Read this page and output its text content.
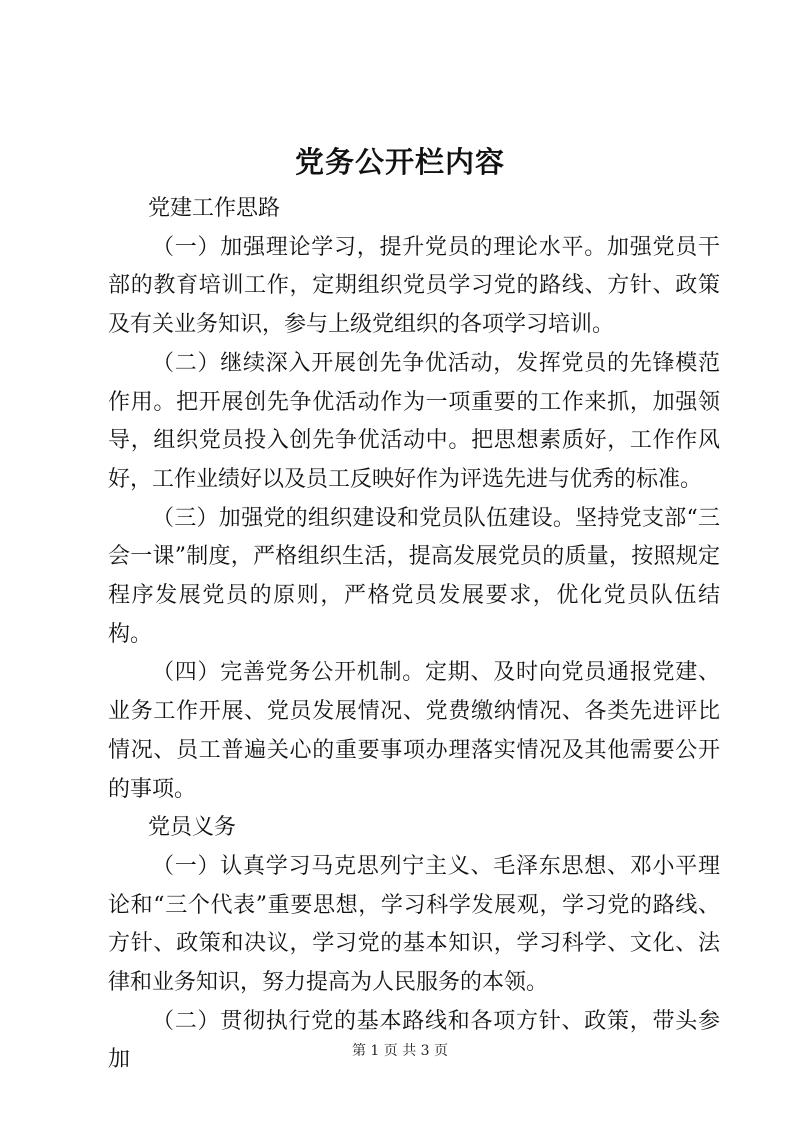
党务公开栏内容

党建工作思路

（一）加强理论学习，提升党员的理论水平。加强党员干部的教育培训工作，定期组织党员学习党的路线、方针、政策及有关业务知识，参与上级党组织的各项学习培训。

（二）继续深入开展创先争优活动，发挥党员的先锋模范作用。把开展创先争优活动作为一项重要的工作来抓，加强领导，组织党员投入创先争优活动中。把思想素质好，工作作风好，工作业绩好以及员工反映好作为评选先进与优秀的标准。

（三）加强党的组织建设和党员队伍建设。坚持党支部“三会一课”制度，严格组织生活，提高发展党员的质量，按照规定程序发展党员的原则，严格党员发展要求，优化党员队伍结构。

（四）完善党务公开机制。定期、及时向党员通报党建、业务工作开展、党员发展情况、党费缴纳情况、各类先进评比情况、员工普遍关心的重要事项办理落实情况及其他需要公开的事项。

党员义务

（一）认真学习马克思列宁主义、毛泽东思想、邓小平理论和“三个代表”重要思想，学习科学发展观，学习党的路线、方针、政策和决议，学习党的基本知识，学习科学、文化、法律和业务知识，努力提高为人民服务的本领。

（二）贯彻执行党的基本路线和各项方针、政策，带头参加	第 1 页 共 3 页
